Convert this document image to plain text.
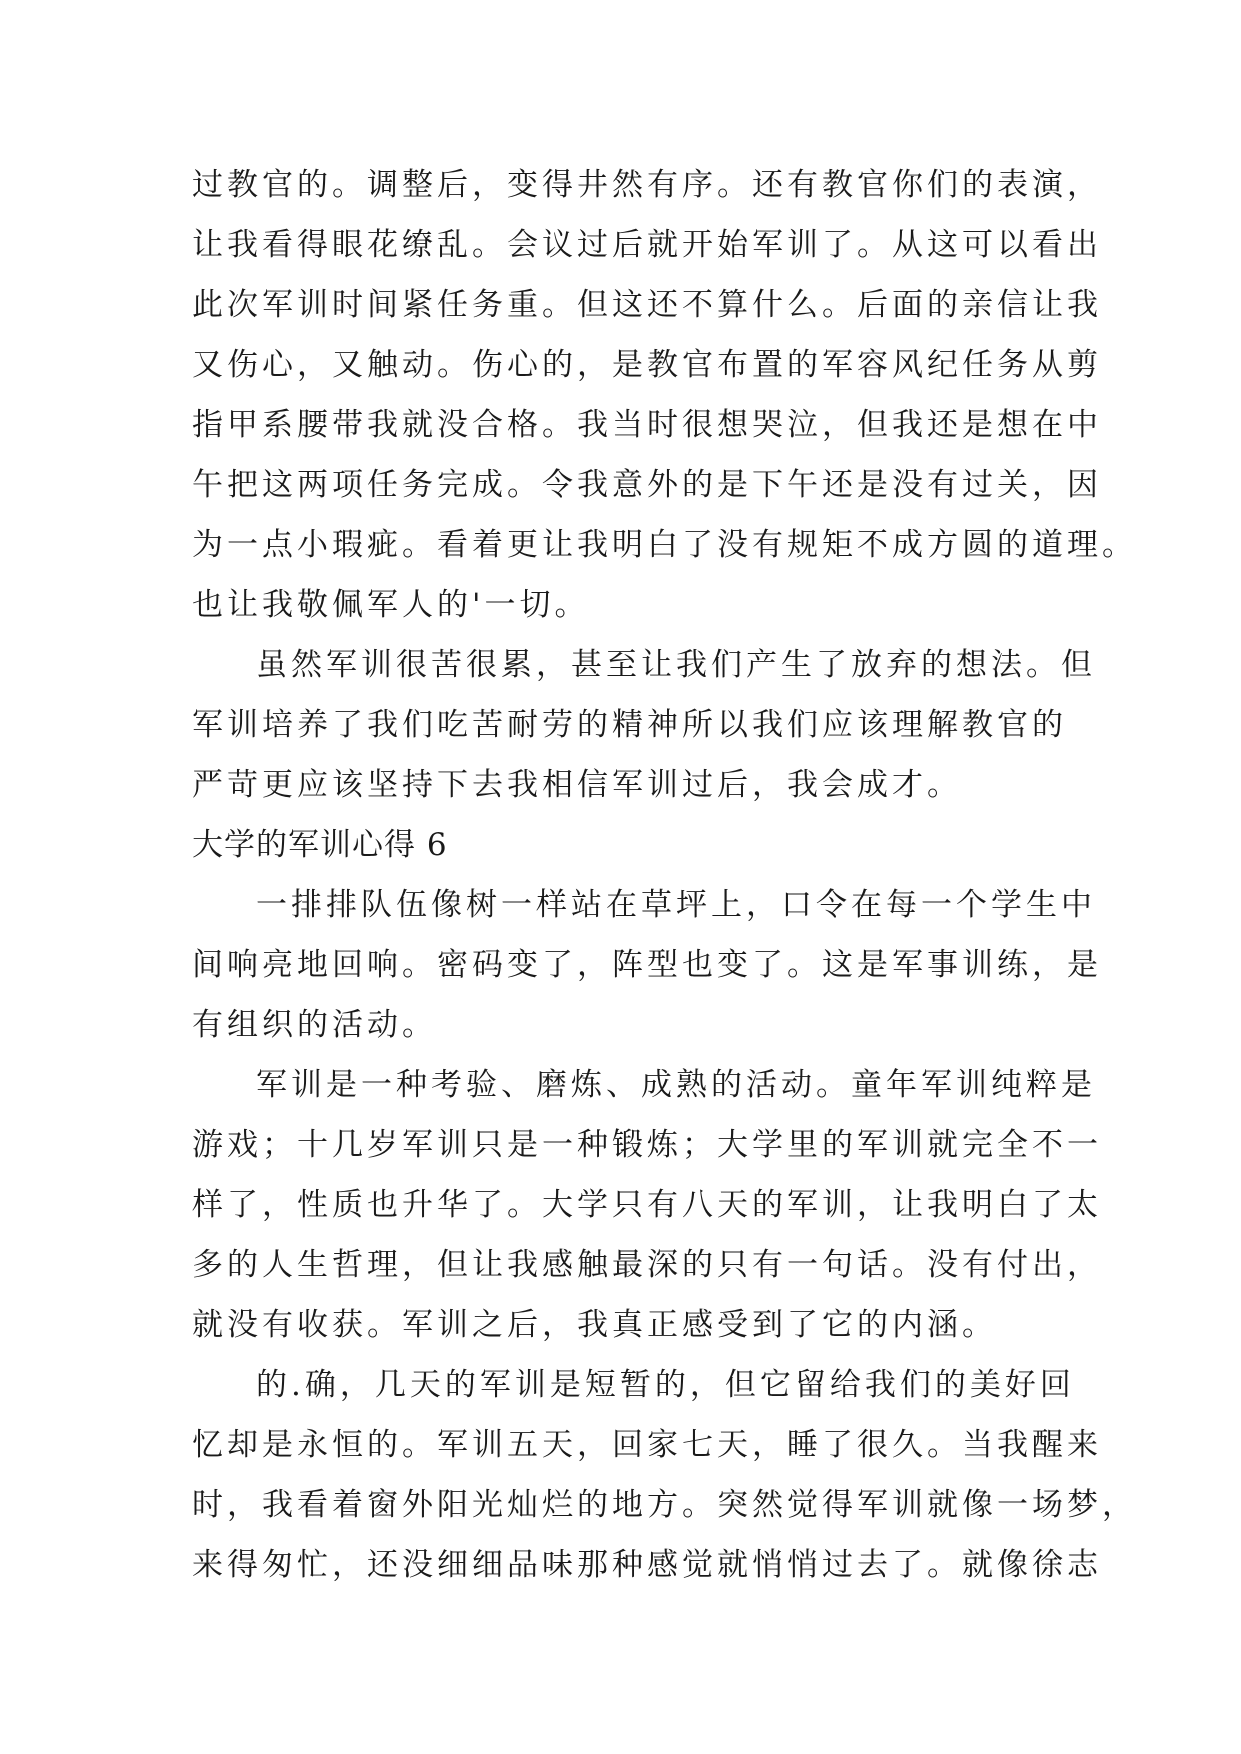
过教官的。调整后，变得井然有序。还有教官你们的表演，
让我看得眼花缭乱。会议过后就开始军训了。从这可以看出
此次军训时间紧任务重。但这还不算什么。后面的亲信让我
又伤心，又触动。伤心的，是教官布置的军容风纪任务从剪
指甲系腰带我就没合格。我当时很想哭泣，但我还是想在中
午把这两项任务完成。令我意外的是下午还是没有过关，因
为一点小瑕疵。看着更让我明白了没有规矩不成方圆的道理。
也让我敬佩军人的'一切。
虽然军训很苦很累，甚至让我们产生了放弃的想法。但
军训培养了我们吃苦耐劳的精神所以我们应该理解教官的
严苛更应该坚持下去我相信军训过后，我会成才。
大学的军训心得 6
一排排队伍像树一样站在草坪上，口令在每一个学生中
间响亮地回响。密码变了，阵型也变了。这是军事训练，是
有组织的活动。
军训是一种考验、磨炼、成熟的活动。童年军训纯粹是
游戏；十几岁军训只是一种锻炼；大学里的军训就完全不一
样了，性质也升华了。大学只有八天的军训，让我明白了太
多的人生哲理，但让我感触最深的只有一句话。没有付出，
就没有收获。军训之后，我真正感受到了它的内涵。
的.确，几天的军训是短暂的，但它留给我们的美好回
忆却是永恒的。军训五天，回家七天，睡了很久。当我醒来
时，我看着窗外阳光灿烂的地方。突然觉得军训就像一场梦，
来得匆忙，还没细细品味那种感觉就悄悄过去了。就像徐志
